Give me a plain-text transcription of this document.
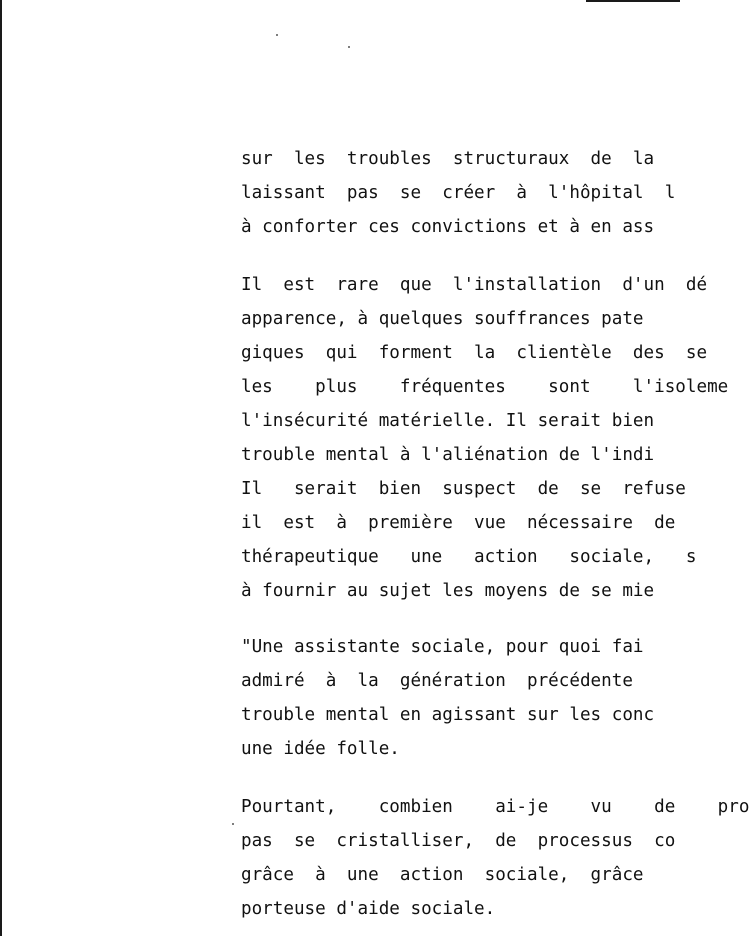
sur  les  troubles  structuraux  de  la
laissant  pas  se  créer  à  l'hôpital  l
à conforter ces convictions et à en ass
Il  est  rare  que  l'installation  d'un  dé
apparence, à quelques souffrances pate
giques  qui  forment  la  clientèle  des  se
les    plus    fréquentes    sont    l'isoleme
l'insécurité matérielle. Il serait bien
trouble mental à l'aliénation de l'indi
Il   serait  bien  suspect  de  se  refuse
il  est  à  première  vue  nécessaire  de
thérapeutique   une   action   sociale,   s
à fournir au sujet les moyens de se mie
"Une assistante sociale, pour quoi fai
admiré  à  la  génération  précédente
trouble mental en agissant sur les conc
une idée folle.
Pourtant,    combien    ai-je    vu    de    pro
pas  se  cristalliser,  de  processus  co
grâce  à  une  action  sociale,  grâce
porteuse d'aide sociale.
